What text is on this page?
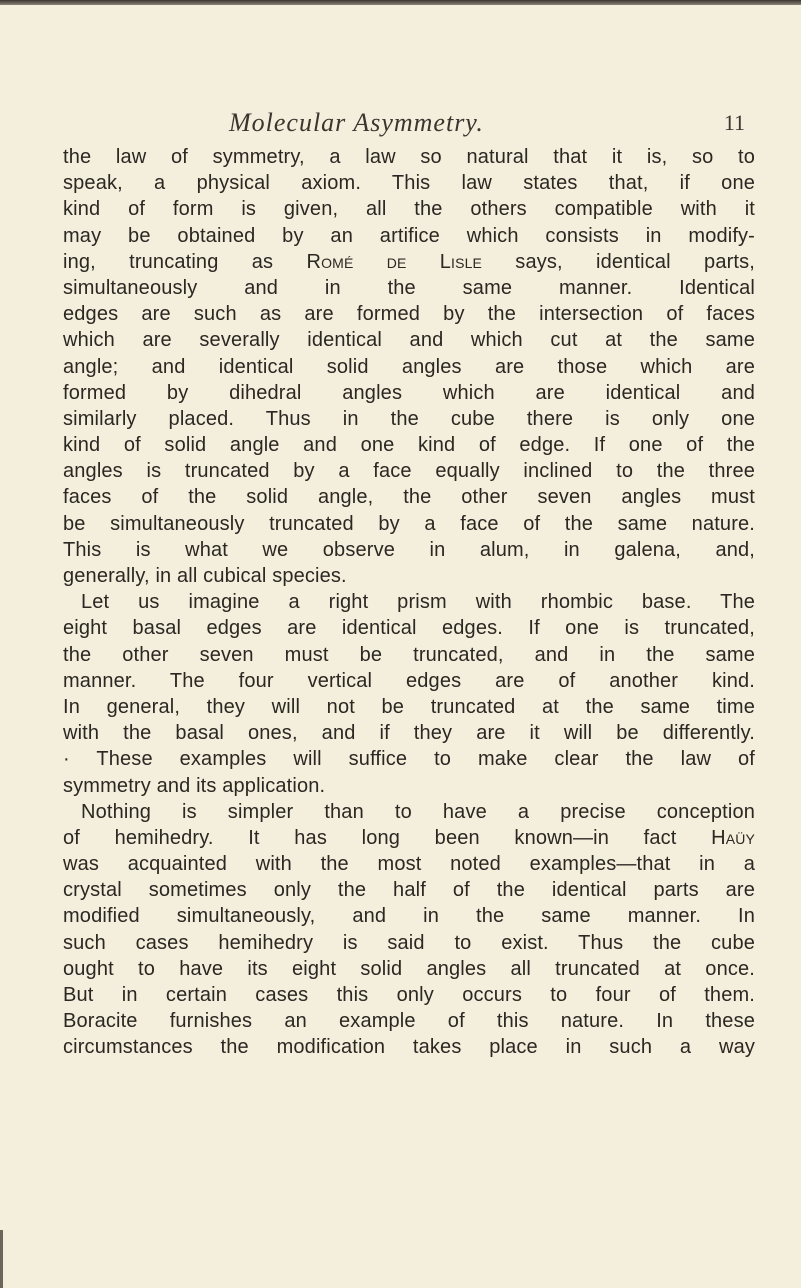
Molecular Asymmetry.	11
the law of symmetry, a law so natural that it is, so to
speak, a physical axiom. This law states that, if one
kind of form is given, all the others compatible with it
may be obtained by an artifice which consists in modify-
ing, truncating as Romé de Lisle says, identical parts,
simultaneously and in the same manner. Identical
edges are such as are formed by the intersection of faces
which are severally identical and which cut at the same
angle; and identical solid angles are those which are
formed by dihedral angles which are identical and
similarly placed. Thus in the cube there is only one
kind of solid angle and one kind of edge. If one of the
angles is truncated by a face equally inclined to the three
faces of the solid angle, the other seven angles must
be simultaneously truncated by a face of the same nature.
This is what we observe in alum, in galena, and,
generally, in all cubical species.
Let us imagine a right prism with rhombic base. The
eight basal edges are identical edges. If one is truncated,
the other seven must be truncated, and in the same
manner. The four vertical edges are of another kind.
In general, they will not be truncated at the same time
with the basal ones, and if they are it will be differently.
· These examples will suffice to make clear the law of
symmetry and its application.
Nothing is simpler than to have a precise conception
of hemihedry. It has long been known—in fact Haüy
was acquainted with the most noted examples—that in a
crystal sometimes only the half of the identical parts are
modified simultaneously, and in the same manner. In
such cases hemihedry is said to exist. Thus the cube
ought to have its eight solid angles all truncated at once.
But in certain cases this only occurs to four of them.
Boracite furnishes an example of this nature. In these
circumstances the modification takes place in such a way
